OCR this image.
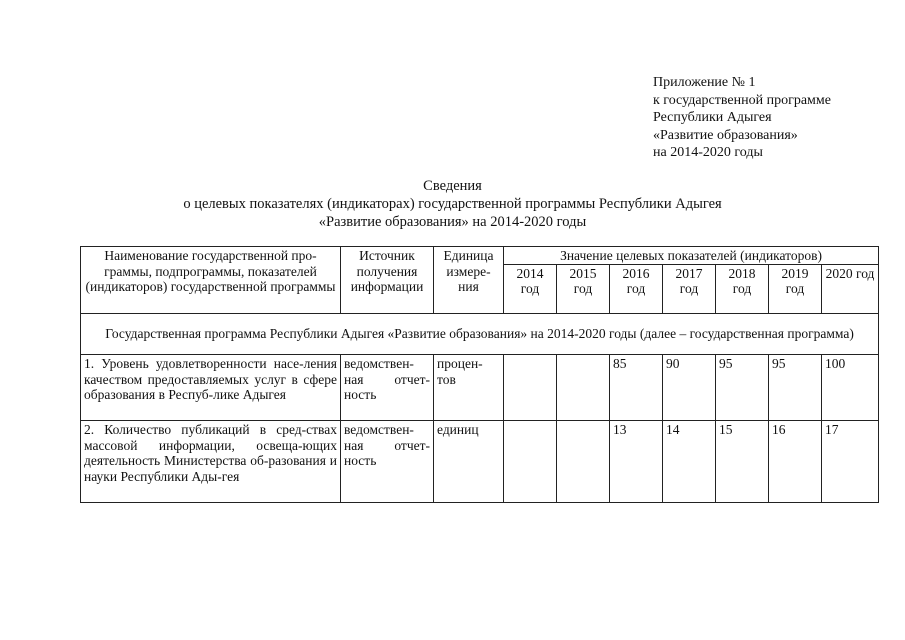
Приложение № 1
к государственной программе
Республики Адыгея
«Развитие образования»
на 2014-2020 годы
Сведения
о целевых показателях (индикаторах) государственной программы Республики Адыгея
«Развитие образования» на 2014-2020 годы
Наименование государственной про-граммы, подпрограммы, показателей (индикаторов) государственной программы	Источник получения информации	Единица измере-ния	Значение целевых показателей (индикаторов)						
			2014 год	2015 год	2016 год	2017 год	2018 год	2019 год	2020 год
Государственная программа Республики Адыгея «Развитие образования» на 2014-2020 годы (далее – государственная программа)									
1. Уровень удовлетворенности насе-ления качеством предоставляемых услуг в сфере образования в Респуб-лике Адыгея	ведомствен-ная отчет-ность	процен-тов			85	90	95	95	100
2. Количество публикаций в сред-ствах массовой информации, освеща-ющих деятельность Министерства об-разования и науки Республики Ады-гея	ведомствен-ная отчет-ность	единиц			13	14	15	16	17
